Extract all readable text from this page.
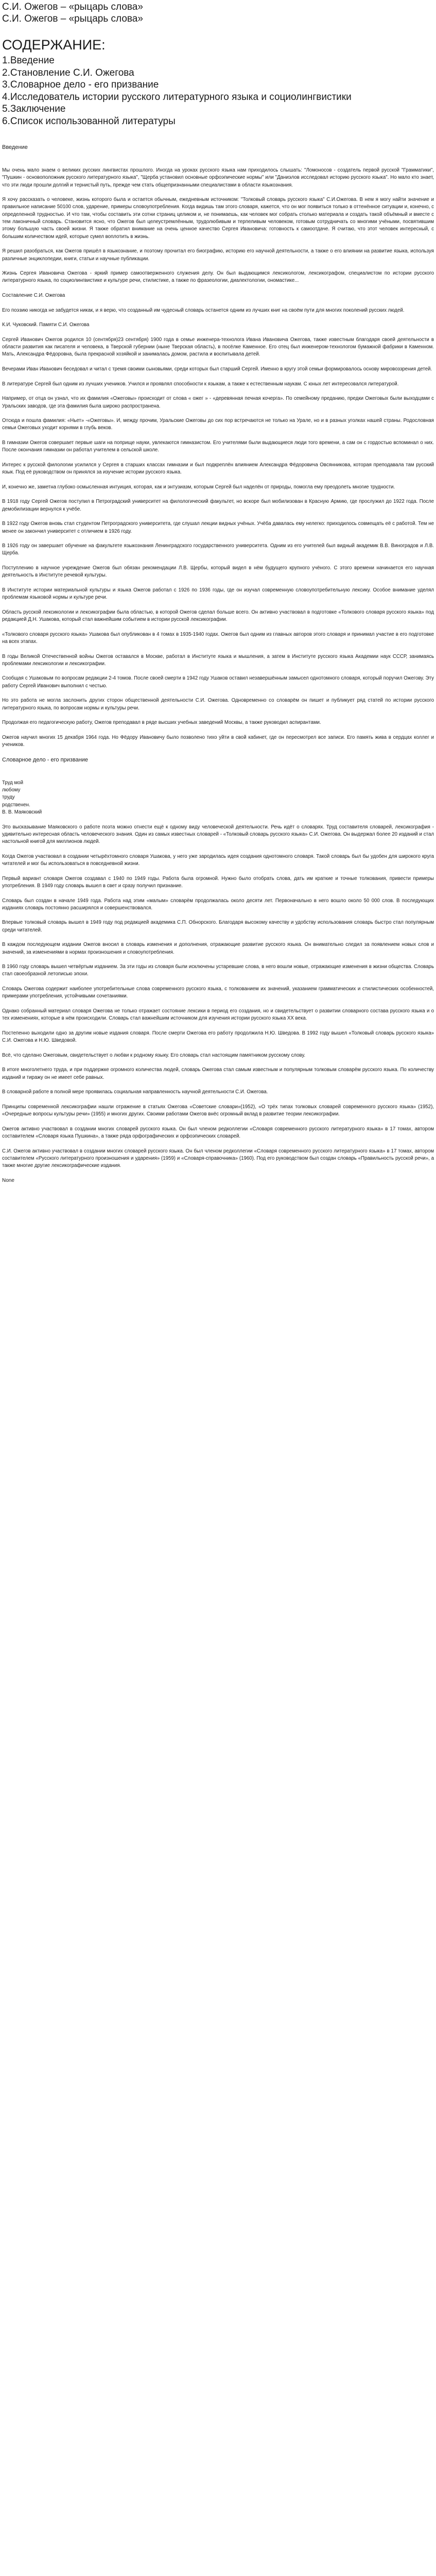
С.И. Ожегов – «рыцарь слова»
С.И. Ожегов – «рыцарь слова»
СОДЕРЖАНИЕ:
1.Введение
2.Становление С.И. Ожегова
3.Словарное дело - его призвание
4.Исследователь истории русского литературного языка и социолингвистики
5.Заключение
6.Список использованной литературы
Введение

Мы очень мало знаем о великих русских лингвистах прошлого. Иногда на уроках русского языка нам приходилось слышать: "Ломоносов - создатель первой русской "Грамматики", "Пушкин - основоположник русского литературного языка", "Щерба установил основные орфоэпические нормы" или "Даниэлов исследовал историю русского языка". Но мало кто знает, что эти люди прошли долгий и тернистый путь, прежде чем стать общепризнанными специалистами в области языкознания.

Я хочу рассказать о человеке, жизнь которого была и остается обычным, ежедневным источником: "Толковый словарь русского языка" С.И.Ожегова. В нем я могу найти значение и правильное написание 50100 слов, ударение, примеры словоупотребления. Когда видишь там этого словаря, кажется, что он мог появиться только в оттенённое ситуации и, конечно, с определенной трудностью. И что там, чтобы составить эти сотни страниц целиком и, не понимаешь, как человек мог собрать столько материала и создать такой объёмный и вместе с тем лаконичный словарь. Становится ясно, что Ожегов был целеустремлённым, трудолюбивым и терпеливым человеком, готовым сотрудничать со многими учёными, посвятившим этому большую часть своей жизни. Я также обратил внимание на очень ценное качество Сергея Ивановича: готовность к самоотдаче. Я считаю, что этот человек интересный, с большим количеством идей, которые сумел воплотить в жизнь.

Я решил разобраться, как Ожегов пришёл в языкознание, и поэтому прочитал его биографию, историю его научной деятельности, а также о его влиянии на развитие языка, используя различные энциклопедии, книги, статьи и научные публикации.

Жизнь Сергея Ивановича Ожегова - яркий пример самоотверженного служения делу. Он был выдающимся лексикологом, лексикографом, специалистом по истории русского литературного языка, по социолингвистике и культуре речи, стилистике, а также по фразеологии, диалектологии, ономастике...

Составление С.И. Ожегова

Его поэзию никогда не забудется никак, и я верю, что созданный им чудесный словарь останется одним из лучших книг на своём пути для многих поколений русских людей.

К.И. Чуковский. Памяти С.И. Ожегова

Сергей Иванович Ожегов родился 10 (сентября)23 сентября) 1900 года в семье инженера-технолога Ивана Ивановича Ожегова, также известным благодаря своей деятельности в области развития как писателя и человека, в Тверской губернии (ныне Тверская область), в посёлке Каменное. Его отец был инженером-технологом бумажной фабрики в Каменном. Мать, Александра Фёдоровна, была прекрасной хозяйкой и занималась домом, растила и воспитывала детей.

Вечерами Иван Иванович беседовал и читал с тремя своими сыновьями, среди которых был старший Сергей. Именно в кругу этой семьи формировалось основу мировоззрения детей.

В литературе Сергей был одним из лучших учеников. Учился и проявлял способности к языкам, а также к естественным наукам. С юных лет интересовался литературой.

Например, от отца он узнал, что их фамилия «Ожеговы» происходит от слова « ожег » - «деревянная печная кочерга». По семейному преданию, предки Ожеговых были выходцами с Уральских заводов, где эта фамилия была широко распространена.

Отсюда и пошла фамилия: «Ньет» -«Ожеговы». И, между прочим, Уральские Ожеговы до сих пор встречаются не только на Урале, но и в разных уголках нашей страны. Родословная семьи Ожеговых уходит корнями в глубь веков.

В гимназии Ожегов совершает первые шаги на поприще науки, увлекаются гимназистом. Его учителями были выдающиеся люди того времени, а сам он с гордостью вспоминал о них. После окончания гимназии он работал учителем в сельской школе.

Интерес к русской филологии усилился у Сергея в старших классах гимназии и был подкреплён влиянием Александра Фёдоровича Овсянникова, которая преподавала там русский язык. Под её руководством он принялся за изучение истории русского языка.

И, конечно же, заметна глубоко осмысленная интуиция, которая, как и энтузиазм, которым Сергей был наделён от природы, помогла ему преодолеть многие трудности.

В 1918 году Сергей Ожегов поступил в Петроградский университет на филологический факультет, но вскоре был мобилизован в Красную Армию, где прослужил до 1922 года. После демобилизации вернулся к учёбе.

В 1922 году Ожегов вновь стал студентом Петроградского университета, где слушал лекции видных учёных. Учёба давалась ему нелегко: приходилось совмещать её с работой. Тем не менее он закончил университет с отличием в 1926 году.

В 1926 году он завершает обучение на факультете языкознания Ленинградского государственного университета. Одним из его учителей был видный академик В.В. Виноградов и Л.В. Щерба.

Поступлению в научное учреждение Ожегов был обязан рекомендации Л.В. Щербы, который видел в нём будущего крупного учёного. С этого времени начинается его научная деятельность в Институте речевой культуры.

В Институте истории материальной культуры и языка Ожегов работал с 1926 по 1936 годы, где он изучал современную словоупотребительную лексику. Особое внимание уделял проблемам языковой нормы и культуре речи.

Область русской лексикологии и лексикографии была областью, в которой Ожегов сделал больше всего. Он активно участвовал в подготовке «Толкового словаря русского языка» под редакцией Д.Н. Ушакова, который стал важнейшим событием в истории русской лексикографии.

«Толкового словаря русского языка» Ушакова был опубликован в 4 томах в 1935-1940 годах. Ожегов был одним из главных авторов этого словаря и принимал участие в его подготовке на всех этапах.

В годы Великой Отечественной войны Ожегов оставался в Москве, работал в Институте языка и мышления, а затем в Институте русского языка Академии наук СССР, занимаясь проблемами лексикологии и лексикографии.

Сообщая с Ушаковым по вопросам редакции 2-4 томов. После своей смерти в 1942 году Ушаков оставил незавершённым замысел однотомного словаря, который поручил Ожегову. Эту работу Сергей Иванович выполнил с честью.

Но это работа не могла заслонить других сторон общественной деятельности С.И. Ожегова. Одновременно со словарём он пишет и публикует ряд статей по истории русского литературного языка, по вопросам нормы и культуры речи.

Продолжая его педагогическую работу, Ожегов преподавал в ряде высших учебных заведений Москвы, а также руководил аспирантами.

Ожегов научил многих 15 декабря 1964 года. Но Фёдору Ивановичу было позволено тихо уйти в свой кабинет, где он пересмотрел все записи. Его память жива в сердцах коллег и учеников.

Словарное дело - его призвание

Труд мой
любому
труду
родственен.
В. В. Маяковский

Это высказывание Маяковского о работе поэта можно отнести ещё к одному виду человеческой деятельности. Речь идёт о словарях. Труд составителя словарей, лексикография - удивительно интересная область человеческого знания. Один из самых известных словарей - «Толковый словарь русского языка» С.И. Ожегова. Он выдержал более 20 изданий и стал настольной книгой для миллионов людей.

Когда Ожегов участвовал в создании четырёхтомного словаря Ушакова, у него уже зародилась идея создания однотомного словаря. Такой словарь был бы удобен для широкого круга читателей и мог бы использоваться в повседневной жизни.

Первый вариант словаря Ожегов создавал с 1940 по 1949 годы. Работа была огромной. Нужно было отобрать слова, дать им краткие и точные толкования, привести примеры употребления. В 1949 году словарь вышел в свет и сразу получил признание.

Словарь был создан в начале 1949 года. Работа над этим «малым» словарём продолжалась около десяти лет. Первоначально в него вошло около 50 000 слов. В последующих изданиях словарь постоянно расширялся и совершенствовался.

Впервые толковый словарь вышел в 1949 году под редакцией академика С.П. Обнорского. Благодаря высокому качеству и удобству использования словарь быстро стал популярным среди читателей.

В каждом последующем издании Ожегов вносил в словарь изменения и дополнения, отражающие развитие русского языка. Он внимательно следил за появлением новых слов и значений, за изменениями в нормах произношения и словоупотребления.

В 1960 году словарь вышел четвёртым изданием. За эти годы из словаря были исключены устаревшие слова, в него вошли новые, отражающие изменения в жизни общества. Словарь стал своеобразной летописью эпохи.

Словарь Ожегова содержит наиболее употребительные слова современного русского языка, с толкованием их значений, указанием грамматических и стилистических особенностей, примерами употребления, устойчивыми сочетаниями.

Однако собранный материал словаря Ожегова не только отражает состояние лексики в период его создания, но и свидетельствует о развитии словарного состава русского языка и о тех изменениях, которые в нём происходили. Словарь стал важнейшим источником для изучения истории русского языка ХХ века.

Постепенно выходили одно за другим новые издания словаря. После смерти Ожегова его работу продолжила Н.Ю. Шведова. В 1992 году вышел «Толковый словарь русского языка» С.И. Ожегова и Н.Ю. Шведовой.

Всё, что сделано Ожеговым, свидетельствует о любви к родному языку. Его словарь стал настоящим памятником русскому слову.

В итоге многолетнего труда, и при поддержке огромного количества людей, словарь Ожегова стал самым известным и популярным толковым словарём русского языка. По количеству изданий и тиражу он не имеет себе равных.

В словарной работе в полной мере проявилась социальная направленность научной деятельности С.И. Ожегова.

Принципы современной лексикографии нашли отражение в статьях Ожегова «Советские словари»(1952), «О трёх типах толковых словарей современного русского языка» (1952), «Очередные вопросы культуры речи» (1955) и многих других. Своими работами Ожегов внёс огромный вклад в развитие теории лексикографии.

Ожегов активно участвовал в создании многих словарей русского языка. Он был членом редколлегии «Словаря современного русского литературного языка» в 17 томах, автором составителем «Словаря языка Пушкина», а также ряда орфографических и орфоэпических словарей.

С.И. Ожегов активно участвовал в создании многих словарей русского языка. Он был членом редколлегии «Словаря современного русского литературного языка» в 17 томах, автором составителем «Русского литературного произношения и ударения» (1959) и «Словаря-справочника» (1960). Под его руководством был создан словарь «Правильность русской речи», а также многие другие лексикографические издания.

None
